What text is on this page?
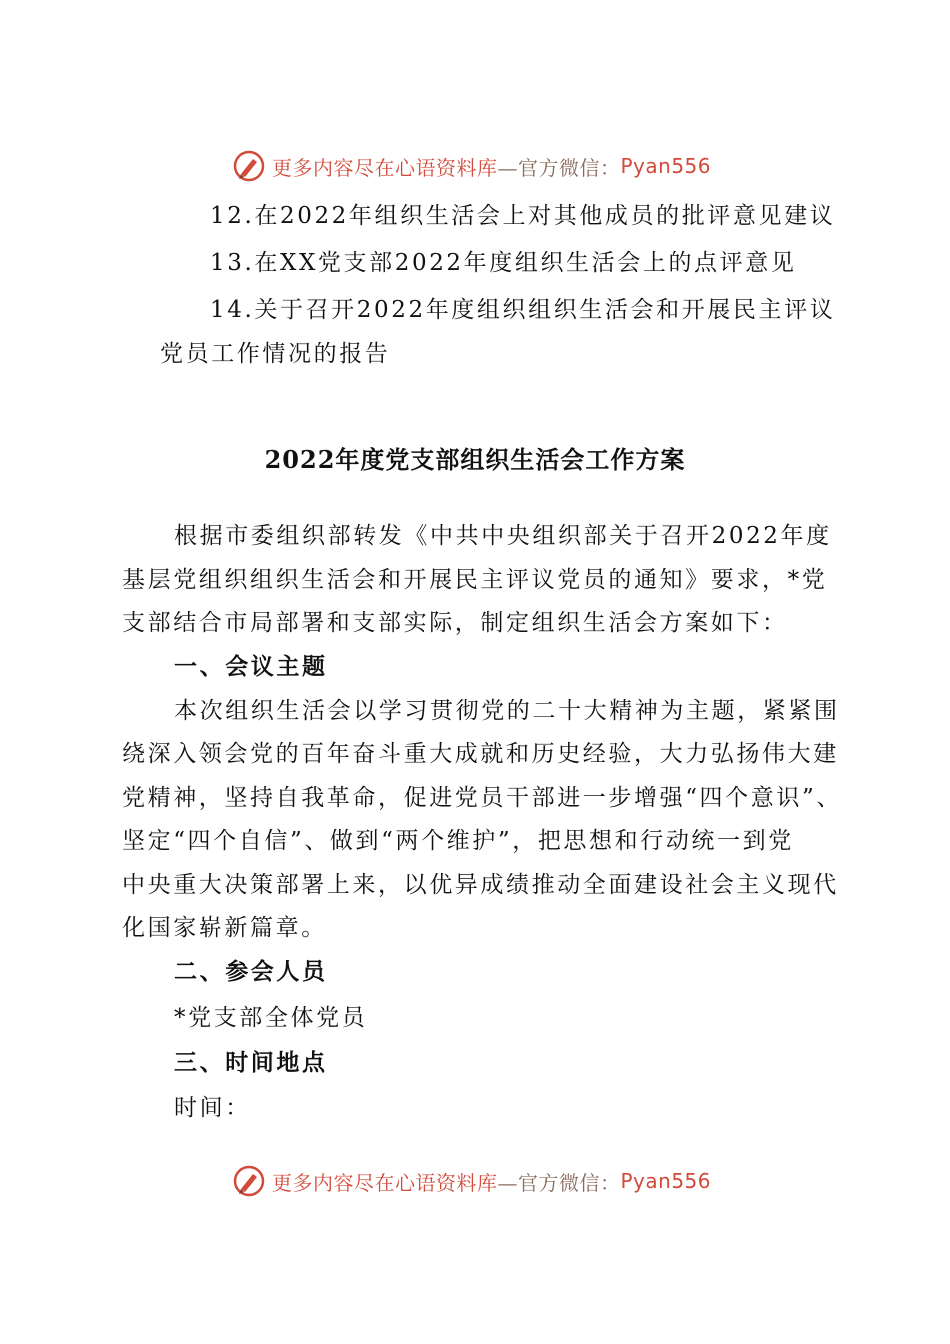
更多内容尽在心语资料库 —官方微信： Pyan556
12.在2022年组织生活会上对其他成员的批评意见建议
13.在XX党支部2022年度组织生活会上的点评意见
14.关于召开2022年度组织组织生活会和开展民主评议
党员工作情况的报告
2022年度党支部组织生活会工作方案
根据市委组织部转发《中共中央组织部关于召开2022年度
基层党组织组织生活会和开展民主评议党员的通知》要求，*党
支部结合市局部署和支部实际，制定组织生活会方案如下：
一、会议主题
本次组织生活会以学习贯彻党的二十大精神为主题，紧紧围
绕深入领会党的百年奋斗重大成就和历史经验，大力弘扬伟大建
党精神，坚持自我革命，促进党员干部进一步增强“四个意识”、
坚定“四个自信”、做到“两个维护”，把思想和行动统一到党
中央重大决策部署上来，以优异成绩推动全面建设社会主义现代
化国家崭新篇章。
二、参会人员
*党支部全体党员
三、时间地点
时间：
更多内容尽在心语资料库 —官方微信： Pyan556
